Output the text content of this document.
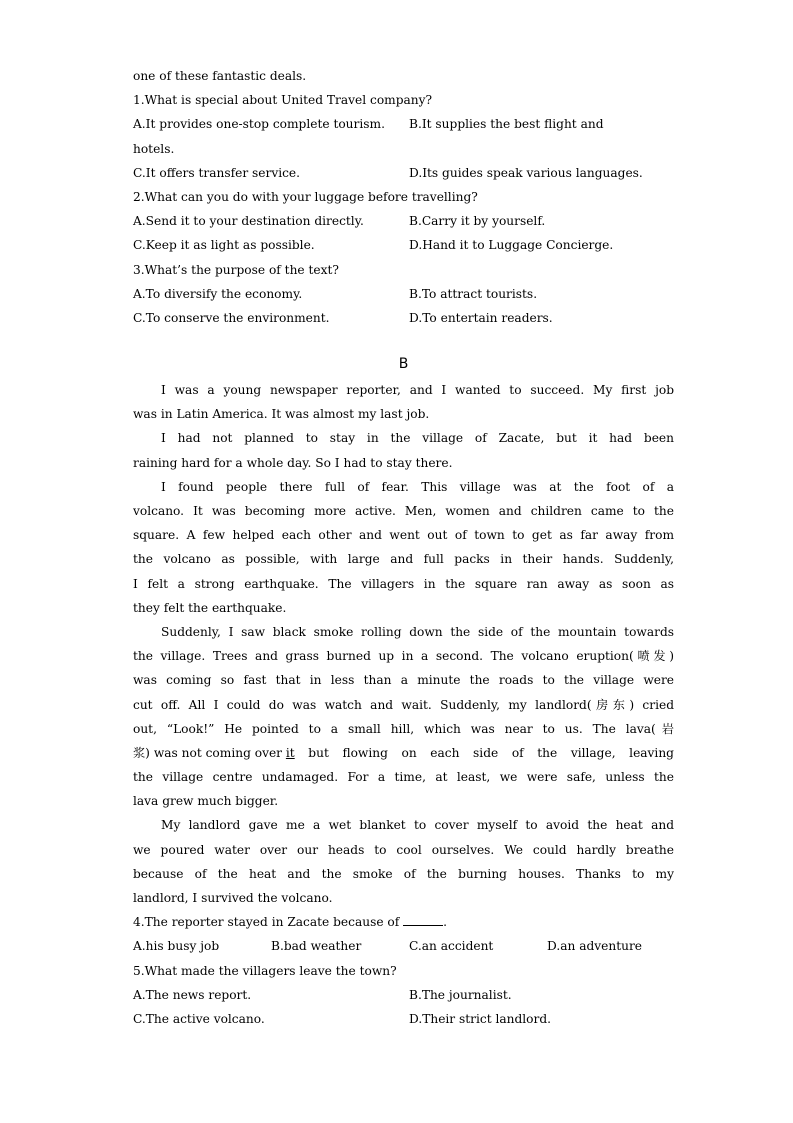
one of these fantastic deals.
1.What is special about United Travel company?
A.It provides one-stop complete tourism. B.It supplies the best flight and
hotels.
C.It offers transfer service.	D.Its guides speak various languages.
2.What can you do with your luggage before travelling?
A.Send it to your destination directly.	B.Carry it by yourself.
C.Keep it as light as possible.	D.Hand it to Luggage Concierge.
3.What’s the purpose of the text?
A.To diversify the economy.	B.To attract tourists.
C.To conserve the environment.	D.To entertain readers.
B
I was a young newspaper reporter, and I wanted to succeed. My first job
was in Latin America. It was almost my last job.
I had not planned to stay in the village of Zacate, but it had been
raining hard for a whole day. So I had to stay there.
I found people there full of fear. This village was at the foot of a
volcano. It was becoming more active. Men, women and children came to the
square. A few helped each other and went out of town to get as far away from
the volcano as possible, with large and full packs in their hands. Suddenly,
I felt a strong earthquake. The villagers in the square ran away as soon as
they felt the earthquake.
Suddenly, I saw black smoke rolling down the side of the mountain towards
the village. Trees and grass burned up in a second. The volcano eruption(喷发)
was coming so fast that in less than a minute the roads to the village were
cut off. All I could do was watch and wait. Suddenly, my landlord(房东) cried
out, “Look!” He pointed to a small hill, which was near to us. The lava(岩
浆) was not coming over it but flowing on each side of the village, leaving
the village centre undamaged. For a time, at least, we were safe, unless the
lava grew much bigger.
My landlord gave me a wet blanket to cover myself to avoid the heat and
we poured water over our heads to cool ourselves. We could hardly breathe
because of the heat and the smoke of the burning houses. Thanks to my
landlord, I survived the volcano.
4.The reporter stayed in Zacate because of	.
A.his busy job	B.bad weather	C.an accident	D.an adventure
5.What made the villagers leave the town?
A.The news report.	B.The journalist.
C.The active volcano.	D.Their strict landlord.
